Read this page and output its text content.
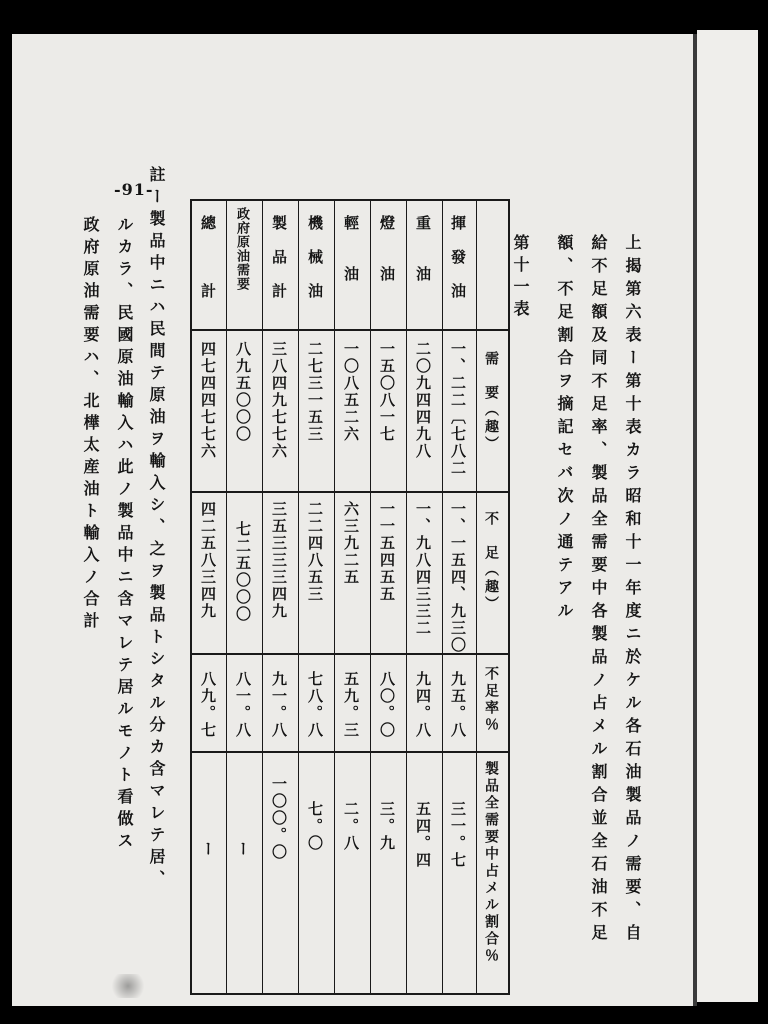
-91-
上揭第六表ー第十表カラ昭和十一年度ニ於ケル各石油製品ノ需要、自
給不足額及同不足率、製品全需要中各製品ノ占メル割合並全石油不足
額、不足割合ヲ摘記セバ次ノ通テアル
第十一表
需　要（趣）
不　足（趣）
不足率％
製品全需要中占メル割合％
揮　發　油
一、二二〔七八二
一、一五四、九三〇
九五。八
三一。七
重　　油
二〇九四四九八
一、九八四三三二
九四。八
五四。四
燈　　油
一五〇八一七
一一五四五五
八〇。〇
三。九
輕　　油
一〇八五二六
六三九二五
五九。三
二。八
機　械　油
二七三一五三
二二四八五三
七八。八
七。〇
製　品　計
三八四九七七六
三五三三三四九
九一。八
一〇〇。〇
政府原油需要
八九五〇〇〇
七二五〇〇〇
八一。八
ー
總　　　計
四七四四七七六
四二五八三四九
八九。七
ー
註ー製品中ニハ民間テ原油ヲ輸入シ、之ヲ製品トシタル分カ含マレテ居、
ルカラ、民國原油輸入ハ此ノ製品中ニ含マレテ居ルモノト看做ス
政府原油需要ハ、北樺太産油ト輸入ノ合計
